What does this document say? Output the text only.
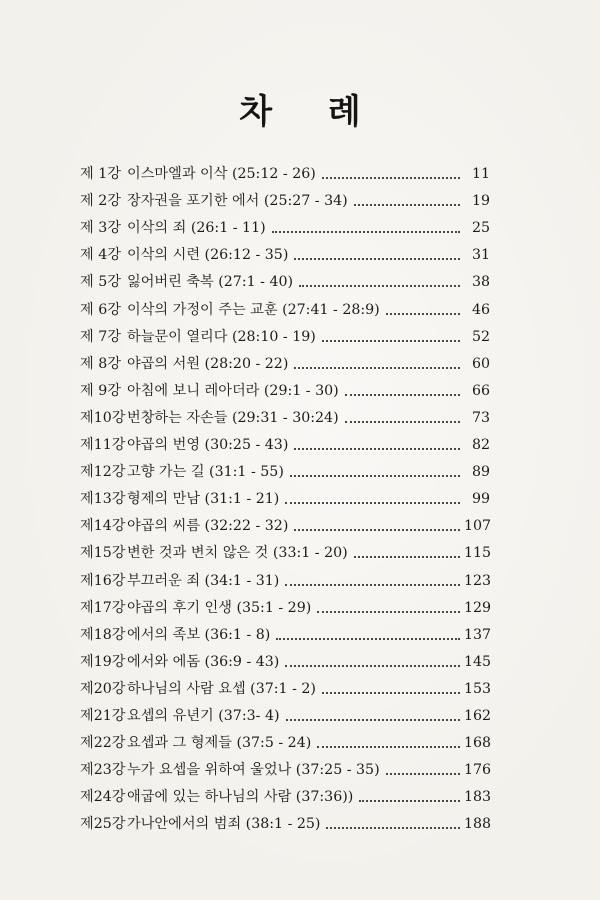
차 례
제 1강 이스마엘과 이삭 (25:12 - 26)	11
제 2강 장자권을 포기한 에서 (25:27 - 34)	19
제 3강 이삭의 죄 (26:1 - 11)	25
제 4강 이삭의 시련 (26:12 - 35)	31
제 5강 잃어버린 축복 (27:1 - 40)	38
제 6강 이삭의 가정이 주는 교훈 (27:41 - 28:9)	46
제 7강 하늘문이 열리다 (28:10 - 19)	52
제 8강 야곱의 서원 (28:20 - 22)	60
제 9강 아침에 보니 레아더라 (29:1 - 30)	66
제10강 번창하는 자손들 (29:31 - 30:24)	73
제11강 야곱의 번영 (30:25 - 43)	82
제12강 고향 가는 길 (31:1 - 55)	89
제13강 형제의 만남 (31:1 - 21)	99
제14강 야곱의 씨름 (32:22 - 32)	107
제15강 변한 것과 변치 않은 것 (33:1 - 20)	115
제16강 부끄러운 죄 (34:1 - 31)	123
제17강 야곱의 후기 인생 (35:1 - 29)	129
제18강 에서의 족보 (36:1 - 8)	137
제19강 에서와 에돔 (36:9 - 43)	145
제20강 하나님의 사람 요셉 (37:1 - 2)	153
제21강 요셉의 유년기 (37:3- 4)	162
제22강 요셉과 그 형제들 (37:5 - 24)	168
제23강 누가 요셉을 위하여 울었나 (37:25 - 35)	176
제24강 애굽에 있는 하나님의 사람 (37:36))	183
제25강 가나안에서의 범죄 (38:1 - 25)	188
